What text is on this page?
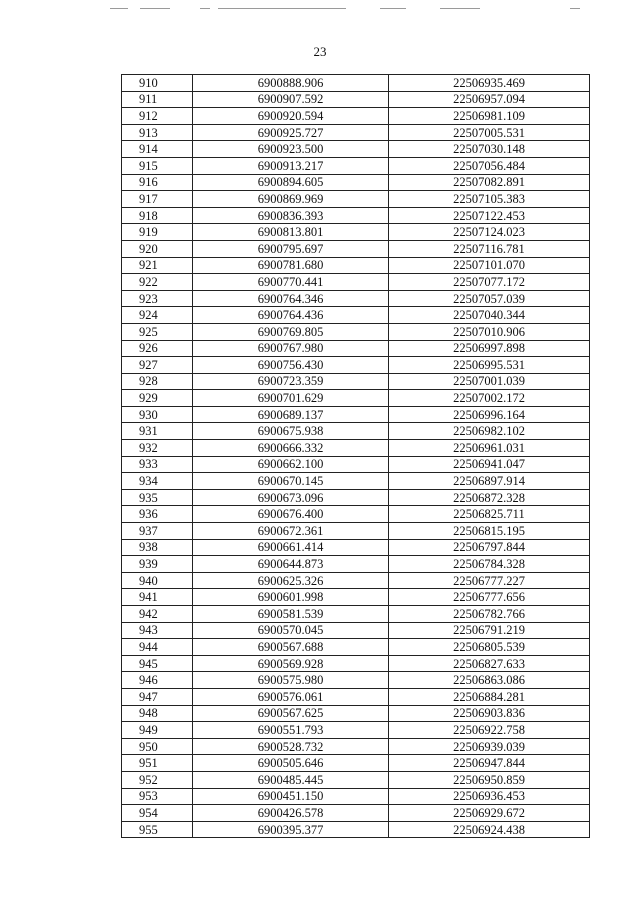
23
910	6900888.906	22506935.469
911	6900907.592	22506957.094
912	6900920.594	22506981.109
913	6900925.727	22507005.531
914	6900923.500	22507030.148
915	6900913.217	22507056.484
916	6900894.605	22507082.891
917	6900869.969	22507105.383
918	6900836.393	22507122.453
919	6900813.801	22507124.023
920	6900795.697	22507116.781
921	6900781.680	22507101.070
922	6900770.441	22507077.172
923	6900764.346	22507057.039
924	6900764.436	22507040.344
925	6900769.805	22507010.906
926	6900767.980	22506997.898
927	6900756.430	22506995.531
928	6900723.359	22507001.039
929	6900701.629	22507002.172
930	6900689.137	22506996.164
931	6900675.938	22506982.102
932	6900666.332	22506961.031
933	6900662.100	22506941.047
934	6900670.145	22506897.914
935	6900673.096	22506872.328
936	6900676.400	22506825.711
937	6900672.361	22506815.195
938	6900661.414	22506797.844
939	6900644.873	22506784.328
940	6900625.326	22506777.227
941	6900601.998	22506777.656
942	6900581.539	22506782.766
943	6900570.045	22506791.219
944	6900567.688	22506805.539
945	6900569.928	22506827.633
946	6900575.980	22506863.086
947	6900576.061	22506884.281
948	6900567.625	22506903.836
949	6900551.793	22506922.758
950	6900528.732	22506939.039
951	6900505.646	22506947.844
952	6900485.445	22506950.859
953	6900451.150	22506936.453
954	6900426.578	22506929.672
955	6900395.377	22506924.438
